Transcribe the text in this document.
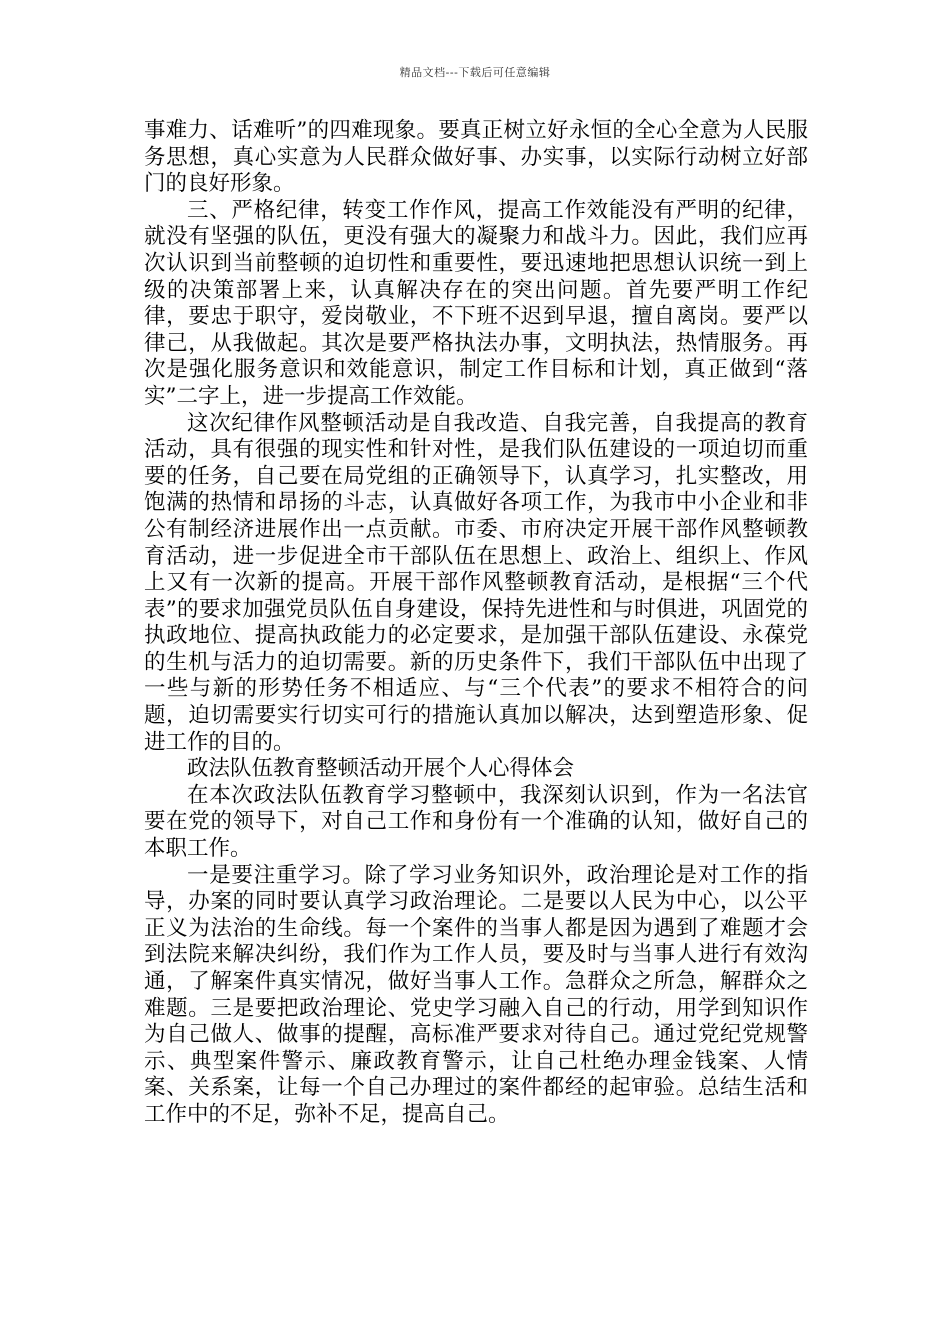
精品文档---下载后可任意编辑

事难力、话难听”的四难现象。要真正树立好永恒的全心全意为人民服务思想，真心实意为人民群众做好事、办实事，以实际行动树立好部门的良好形象。

三、严格纪律，转变工作作风，提高工作效能没有严明的纪律，就没有坚强的队伍，更没有强大的凝聚力和战斗力。因此，我们应再次认识到当前整顿的迫切性和重要性，要迅速地把思想认识统一到上级的决策部署上来，认真解决存在的突出问题。首先要严明工作纪律，要忠于职守，爱岗敬业，不下班不迟到早退，擅自离岗。要严以律己，从我做起。其次是要严格执法办事，文明执法，热情服务。再次是强化服务意识和效能意识，制定工作目标和计划，真正做到“落实”二字上，进一步提高工作效能。

这次纪律作风整顿活动是自我改造、自我完善，自我提高的教育活动，具有很强的现实性和针对性，是我们队伍建设的一项迫切而重要的任务，自己要在局党组的正确领导下，认真学习，扎实整改，用饱满的热情和昂扬的斗志，认真做好各项工作，为我市中小企业和非公有制经济进展作出一点贡献。市委、市府决定开展干部作风整顿教育活动，进一步促进全市干部队伍在思想上、政治上、组织上、作风上又有一次新的提高。开展干部作风整顿教育活动，是根据“三个代表”的要求加强党员队伍自身建设，保持先进性和与时俱进，巩固党的执政地位、提高执政能力的必定要求，是加强干部队伍建设、永葆党的生机与活力的迫切需要。新的历史条件下，我们干部队伍中出现了一些与新的形势任务不相适应、与“三个代表”的要求不相符合的问题，迫切需要实行切实可行的措施认真加以解决，达到塑造形象、促进工作的目的。

政法队伍教育整顿活动开展个人心得体会

在本次政法队伍教育学习整顿中，我深刻认识到，作为一名法官要在党的领导下，对自己工作和身份有一个准确的认知，做好自己的本职工作。

一是要注重学习。除了学习业务知识外，政治理论是对工作的指导，办案的同时要认真学习政治理论。二是要以人民为中心，以公平正义为法治的生命线。每一个案件的当事人都是因为遇到了难题才会到法院来解决纠纷，我们作为工作人员，要及时与当事人进行有效沟通，了解案件真实情况，做好当事人工作。急群众之所急，解群众之难题。三是要把政治理论、党史学习融入自己的行动，用学到知识作为自己做人、做事的提醒，高标准严要求对待自己。通过党纪党规警示、典型案件警示、廉政教育警示，让自己杜绝办理金钱案、人情案、关系案，让每一个自己办理过的案件都经的起审验。总结生活和工作中的不足，弥补不足，提高自己。
